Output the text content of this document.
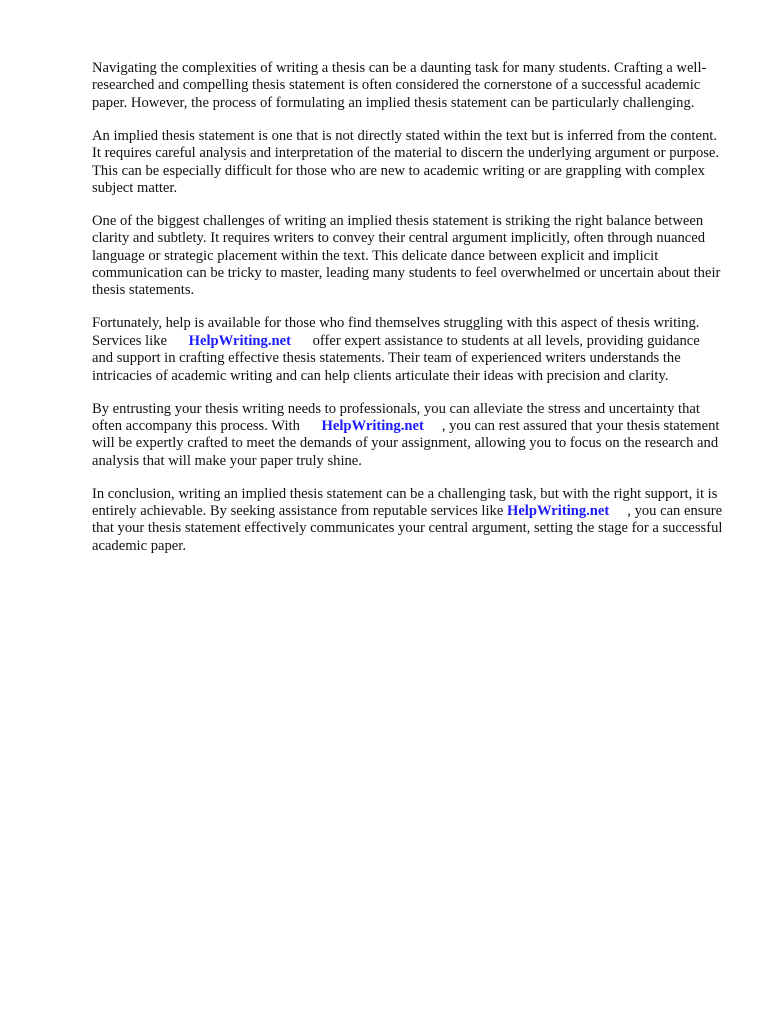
Navigating the complexities of writing a thesis can be a daunting task for many students. Crafting a well-researched and compelling thesis statement is often considered the cornerstone of a successful academic paper. However, the process of formulating an implied thesis statement can be particularly challenging.

An implied thesis statement is one that is not directly stated within the text but is inferred from the content. It requires careful analysis and interpretation of the material to discern the underlying argument or purpose. This can be especially difficult for those who are new to academic writing or are grappling with complex subject matter.

One of the biggest challenges of writing an implied thesis statement is striking the right balance between clarity and subtlety. It requires writers to convey their central argument implicitly, often through nuanced language or strategic placement within the text. This delicate dance between explicit and implicit communication can be tricky to master, leading many students to feel overwhelmed or uncertain about their thesis statements.

Fortunately, help is available for those who find themselves struggling with this aspect of thesis writing. Services like HelpWriting.net offer expert assistance to students at all levels, providing guidance and support in crafting effective thesis statements. Their team of experienced writers understands the intricacies of academic writing and can help clients articulate their ideas with precision and clarity.

By entrusting your thesis writing needs to professionals, you can alleviate the stress and uncertainty that often accompany this process. With HelpWriting.net , you can rest assured that your thesis statement will be expertly crafted to meet the demands of your assignment, allowing you to focus on the research and analysis that will make your paper truly shine.

In conclusion, writing an implied thesis statement can be a challenging task, but with the right support, it is entirely achievable. By seeking assistance from reputable services like HelpWriting.net , you can ensure that your thesis statement effectively communicates your central argument, setting the stage for a successful academic paper.
